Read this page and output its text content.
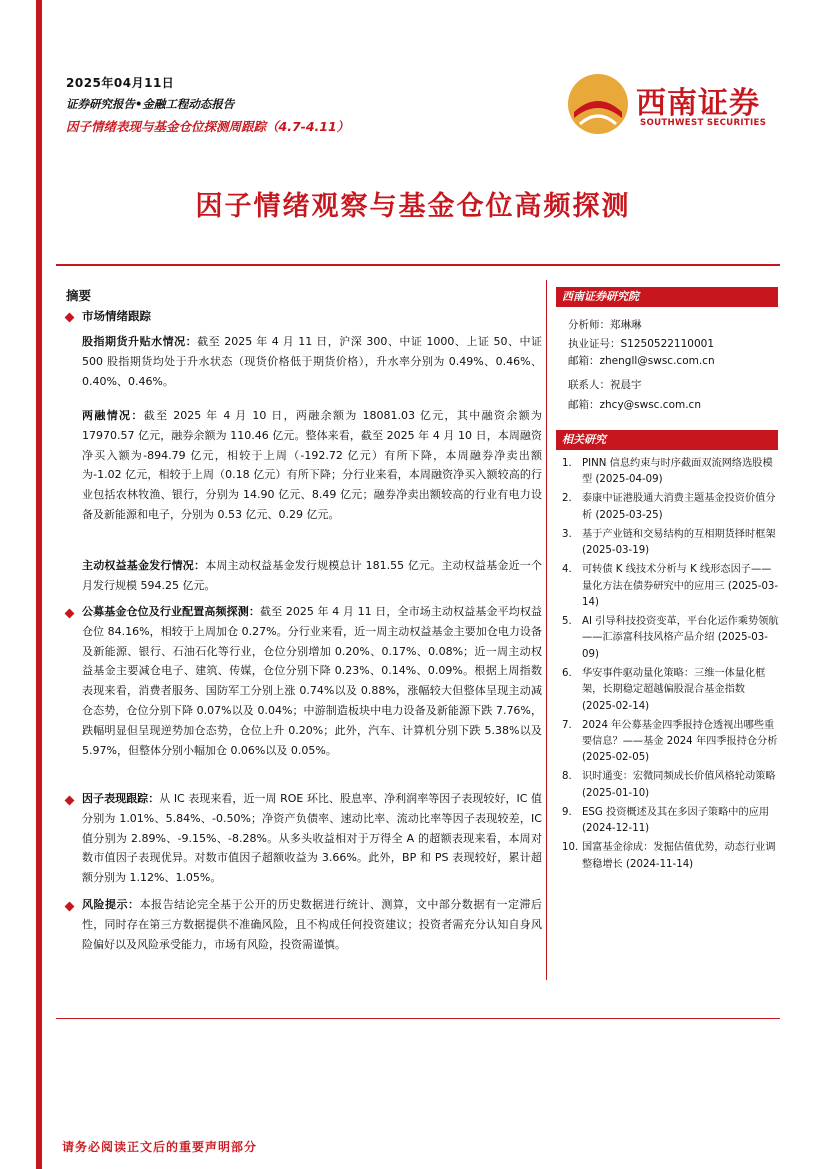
2025年04月11日
证券研究报告•金融工程动态报告
因子情绪表现与基金仓位探测周跟踪（4.7-4.11）
西南证券
SOUTHWEST SECURITIES
因子情绪观察与基金仓位高频探测
摘要
市场情绪跟踪

股指期货升贴水情况：截至 2025 年 4 月 11 日，沪深 300、中证 1000、上证 50、中证 500 股指期货均处于升水状态（现货价格低于期货价格），升水率分别为 0.49%、0.46%、0.40%、0.46%。

两融情况：截至 2025 年 4 月 10 日，两融余额为 18081.03 亿元，其中融资余额为 17970.57 亿元，融券余额为 110.46 亿元。整体来看，截至 2025 年 4 月 10 日，本周融资净买入额为-894.79 亿元，相较于上周（-192.72 亿元）有所下降，本周融券净卖出额为-1.02 亿元，相较于上周（0.18 亿元）有所下降；分行业来看，本周融资净买入额较高的行业包括农林牧渔、银行，分别为 14.90 亿元、8.49 亿元；融券净卖出额较高的行业有电力设备及新能源和电子，分别为 0.53 亿元、0.29 亿元。

主动权益基金发行情况：本周主动权益基金发行规模总计 181.55 亿元。主动权益基金近一个月发行规模 594.25 亿元。

公募基金仓位及行业配置高频探测：截至 2025 年 4 月 11 日，全市场主动权益基金平均权益仓位 84.16%，相较于上周加仓 0.27%。分行业来看，近一周主动权益基金主要加仓电力设备及新能源、银行、石油石化等行业，仓位分别增加 0.20%、0.17%、0.08%；近一周主动权益基金主要减仓电子、建筑、传媒，仓位分别下降 0.23%、0.14%、0.09%。根据上周指数表现来看，消费者服务、国防军工分别上涨 0.74%以及 0.88%，涨幅较大但整体呈现主动减仓态势，仓位分别下降 0.07%以及 0.04%；中游制造板块中电力设备及新能源下跌 7.76%，跌幅明显但呈现逆势加仓态势，仓位上升 0.20%；此外，汽车、计算机分别下跌 5.38%以及 5.97%，但整体分别小幅加仓 0.06%以及 0.05%。

因子表现跟踪：从 IC 表现来看，近一周 ROE 环比、股息率、净利润率等因子表现较好，IC 值分别为 1.01%、5.84%、-0.50%；净资产负债率、速动比率、流动比率等因子表现较差，IC 值分别为 2.89%、-9.15%、-8.28%。从多头收益相对于万得全 A 的超额表现来看，本周对数市值因子表现优异。对数市值因子超额收益为 3.66%。此外，BP 和 PS 表现较好，累计超额分别为 1.12%、1.05%。

风险提示：本报告结论完全基于公开的历史数据进行统计、测算，文中部分数据有一定滞后性，同时存在第三方数据提供不准确风险，且不构成任何投资建议；投资者需充分认知自身风险偏好以及风险承受能力，市场有风险，投资需谨慎。

西南证券研究院
分析师：郑琳琳
执业证号：S1250522110001
邮箱：zhengll@swsc.com.cn
联系人：祝晨宇
邮箱：zhcy@swsc.com.cn
相关研究
1.	PINN 信息约束与时序截面双流网络选股模型 (2025-04-09)
2.	泰康中证港股通大消费主题基金投资价值分析 (2025-03-25)
3.	基于产业链和交易结构的互相期货择时框架 (2025-03-19)
4.	可转债 K 线技术分析与 K 线形态因子——量化方法在债券研究中的应用三 (2025-03-14)
5.	AI 引导科技投资变革，平台化运作乘势领航——汇添富科技风格产品介绍 (2025-03-09)
6.	华安事件驱动量化策略：三维一体量化框架，长期稳定超越偏股混合基金指数 (2025-02-14)
7.	2024 年公募基金四季报持仓透视出哪些重要信息？——基金 2024 年四季报持仓分析 (2025-02-05)
8.	识时通变：宏微同频成长价值风格轮动策略 (2025-01-10)
9.	ESG 投资概述及其在多因子策略中的应用 (2024-12-11)
10. 国富基金徐成：发掘估值优势，动态行业调整稳增长 (2024-11-14)
请务必阅读正文后的重要声明部分
